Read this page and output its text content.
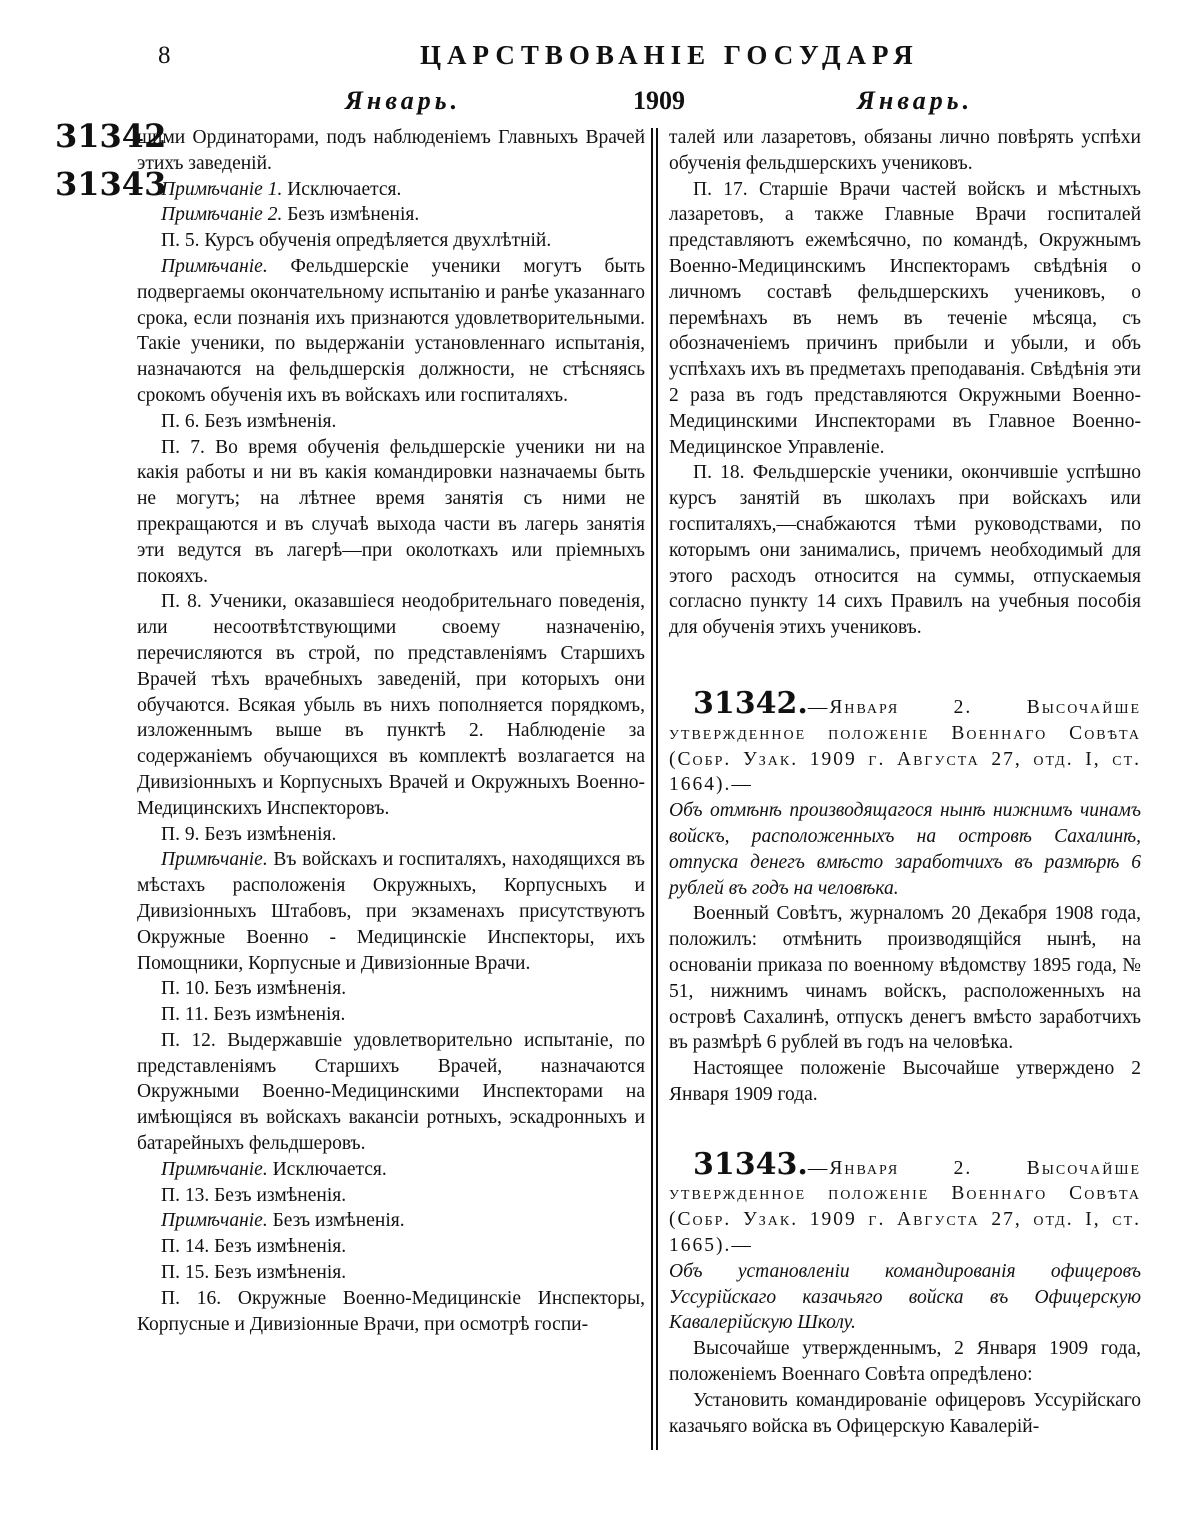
8	ЦАРСТВОВАНІЕ ГОСУДАРЯ
Январь.	1909	Январь.
31342
31343

шими Ординаторами, подъ наблюденіемъ Главныхъ Врачей этихъ заведеній.

Примѣчаніе 1. Исключается.

Примѣчаніе 2. Безъ измѣненія.

П. 5. Курсъ обученія опредѣляется двухлѣтній.

Примѣчаніе. Фельдшерскіе ученики могутъ быть подвергаемы окончательному испытанію и ранѣе указаннаго срока, если познанія ихъ признаются удовлетворительными. Такіе ученики, по выдержаніи установленнаго испытанія, назначаются на фельдшерскія должности, не стѣсняясь срокомъ обученія ихъ въ войскахъ или госпиталяхъ.

П. 6. Безъ измѣненія.

П. 7. Во время обученія фельдшерскіе ученики ни на какія работы и ни въ какія командировки назначаемы быть не могутъ; на лѣтнее время занятія съ ними не прекращаются и въ случаѣ выхода части въ лагерь занятія эти ведутся въ лагерѣ—при околоткахъ или пріемныхъ покояхъ.

П. 8. Ученики, оказавшіеся неодобрительнаго поведенія, или несоотвѣтствующими своему назначенію, перечисляются въ строй, по представленіямъ Старшихъ Врачей тѣхъ врачебныхъ заведеній, при которыхъ они обучаются. Всякая убыль въ нихъ пополняется порядкомъ, изложеннымъ выше въ пунктѣ 2. Наблюденіе за содержаніемъ обучающихся въ комплектѣ возлагается на Дивизіонныхъ и Корпусныхъ Врачей и Окружныхъ Военно-Медицинскихъ Инспекторовъ.

П. 9. Безъ измѣненія.

Примѣчаніе. Въ войскахъ и госпиталяхъ, находящихся въ мѣстахъ расположенія Окружныхъ, Корпусныхъ и Дивизіонныхъ Штабовъ, при экзаменахъ присутствуютъ Окружные Военно - Медицинскіе Инспекторы, ихъ Помощники, Корпусные и Дивизіонные Врачи.

П. 10. Безъ измѣненія.

П. 11. Безъ измѣненія.

П. 12. Выдержавшіе удовлетворительно испытаніе, по представленіямъ Старшихъ Врачей, назначаются Окружными Военно-Медицинскими Инспекторами на имѣющіяся въ войскахъ вакансіи ротныхъ, эскадронныхъ и батарейныхъ фельдшеровъ.

Примѣчаніе. Исключается.

П. 13. Безъ измѣненія.

Примѣчаніе. Безъ измѣненія.

П. 14. Безъ измѣненія.

П. 15. Безъ измѣненія.

П. 16. Окружные Военно-Медицинскіе Инспекторы, Корпусные и Дивизіонные Врачи, при осмотрѣ госпи-

талей или лазаретовъ, обязаны лично повѣрять успѣхи обученія фельдшерскихъ учениковъ.

П. 17. Старшіе Врачи частей войскъ и мѣстныхъ лазаретовъ, а также Главные Врачи госпиталей представляютъ ежемѣсячно, по командѣ, Окружнымъ Военно-Медицинскимъ Инспекторамъ свѣдѣнія о личномъ составѣ фельдшерскихъ учениковъ, о перемѣнахъ въ немъ въ теченіе мѣсяца, съ обозначеніемъ причинъ прибыли и убыли, и объ успѣхахъ ихъ въ предметахъ преподаванія. Свѣдѣнія эти 2 раза въ годъ представляются Окружными Военно-Медицинскими Инспекторами въ Главное Военно-Медицинское Управленіе.

П. 18. Фельдшерскіе ученики, окончившіе успѣшно курсъ занятій въ школахъ при войскахъ или госпиталяхъ,—снабжаются тѣми руководствами, по которымъ они занимались, причемъ необходимый для этого расходъ относится на суммы, отпускаемыя согласно пункту 14 сихъ Правилъ на учебныя пособія для обученія этихъ учениковъ.

31342.—Января 2. Высочайше утвержденное положеніе Военнаго Совѣта (Собр. Узак. 1909 г. Августа 27, отд. I, ст. 1664).—

Объ отмѣнѣ производящагося нынѣ нижнимъ чинамъ войскъ, расположенныхъ на островѣ Сахалинѣ, отпуска денегъ вмѣсто заработчихъ въ размѣрѣ 6 рублей въ годъ на человѣка.

Военный Совѣтъ, журналомъ 20 Декабря 1908 года, положилъ: отмѣнить производящійся нынѣ, на основаніи приказа по военному вѣдомству 1895 года, № 51, нижнимъ чинамъ войскъ, расположенныхъ на островѣ Сахалинѣ, отпускъ денегъ вмѣсто заработчихъ въ размѣрѣ 6 рублей въ годъ на человѣка.

Настоящее положеніе Высочайше утверждено 2 Января 1909 года.

31343.—Января 2. Высочайше утвержденное положеніе Военнаго Совѣта (Собр. Узак. 1909 г. Августа 27, отд. I, ст. 1665).—

Объ установленіи командированія офицеровъ Уссурійскаго казачьяго войска въ Офицерскую Кавалерійскую Школу.

Высочайше утвержденнымъ, 2 Января 1909 года, положеніемъ Военнаго Совѣта опредѣлено:

Установить командированіе офицеровъ Уссурійскаго казачьяго войска въ Офицерскую Кавалерій-
